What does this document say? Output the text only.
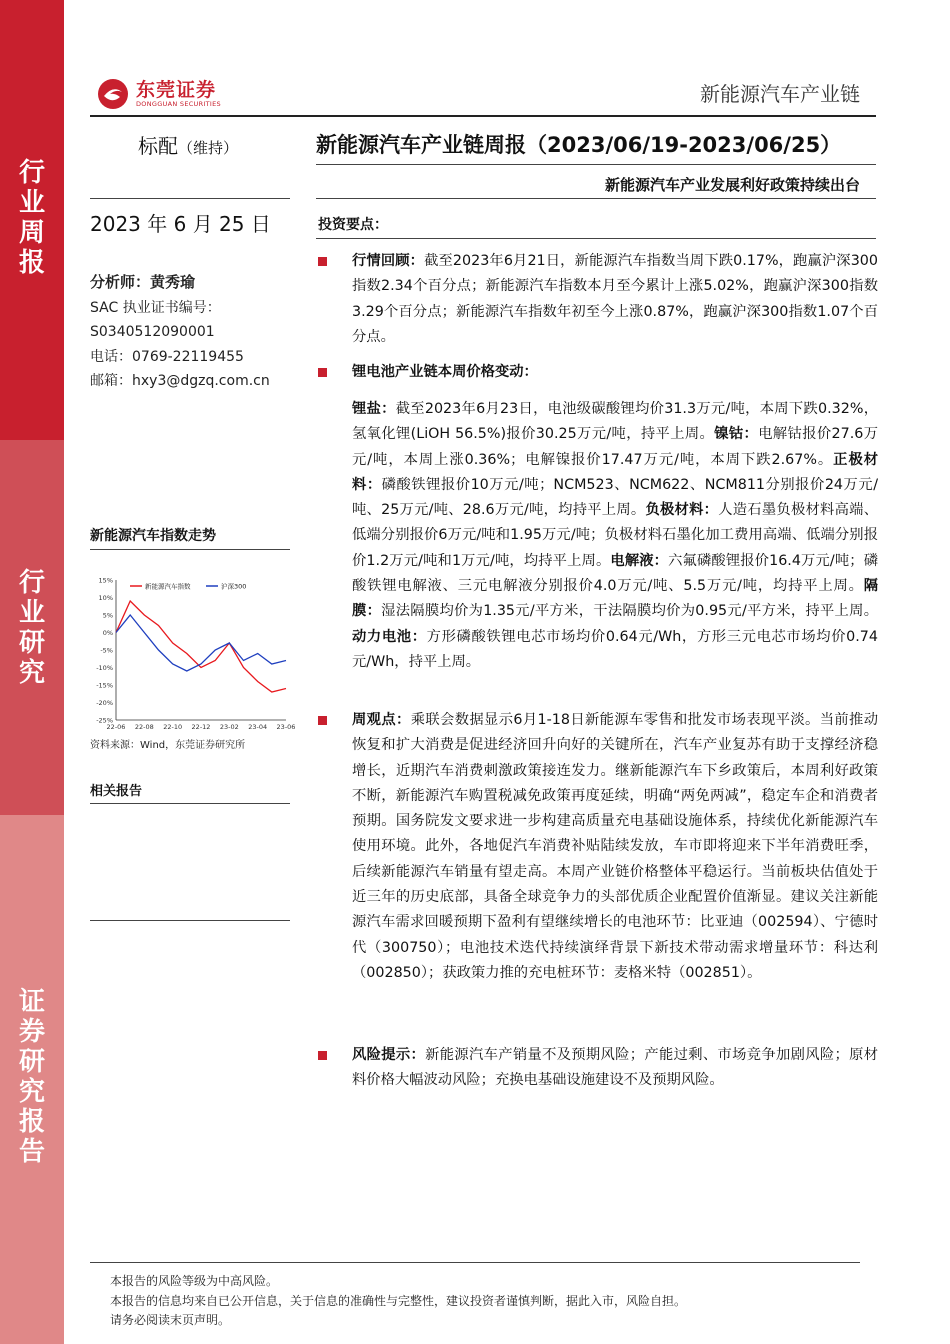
行
业
周
报
行
业
研
究
证
券
研
究
报
告
东莞证券
DONGGUAN SECURITIES	新能源汽车产业链
标配（维持）	新能源汽车产业链周报（2023/06/19-2023/06/25）
新能源汽车产业发展利好政策持续出台
2023 年 6 月 25 日
分析师：黄秀瑜
SAC 执业证书编号：
S0340512090001
电话：0769-22119455
邮箱：hxy3@dgzq.com.cn
新能源汽车指数走势
15%
10%
5%
0%
-5%
-10%
-15%
-20%
-25%
22-06 22-08 22-10 22-12 23-02 23-04 23-06
新能源汽车指数	沪深300
资料来源：Wind，东莞证券研究所
相关报告
投资要点：
行情回顾：截至2023年6月21日，新能源汽车指数当周下跌0.17%，跑赢沪深300指数2.34个百分点；新能源汽车指数本月至今累计上涨5.02%，跑赢沪深300指数3.29个百分点；新能源汽车指数年初至今上涨0.87%，跑赢沪深300指数1.07个百分点。
锂电池产业链本周价格变动：
锂盐：截至2023年6月23日，电池级碳酸锂均价31.3万元/吨，本周下跌0.32%，氢氧化锂(LiOH 56.5%)报价30.25万元/吨，持平上周。镍钴：电解钴报价27.6万元/吨，本周上涨0.36%；电解镍报价17.47万元/吨，本周下跌2.67%。正极材料：磷酸铁锂报价10万元/吨；NCM523、NCM622、NCM811分别报价24万元/吨、25万元/吨、28.6万元/吨，均持平上周。负极材料：人造石墨负极材料高端、低端分别报价6万元/吨和1.95万元/吨；负极材料石墨化加工费用高端、低端分别报价1.2万元/吨和1万元/吨，均持平上周。电解液：六氟磷酸锂报价16.4万元/吨；磷酸铁锂电解液、三元电解液分别报价4.0万元/吨、5.5万元/吨，均持平上周。隔膜：湿法隔膜均价为1.35元/平方米，干法隔膜均价为0.95元/平方米，持平上周。动力电池：方形磷酸铁锂电芯市场均价0.64元/Wh，方形三元电芯市场均价0.74元/Wh，持平上周。
周观点：乘联会数据显示6月1-18日新能源车零售和批发市场表现平淡。当前推动恢复和扩大消费是促进经济回升向好的关键所在，汽车产业复苏有助于支撑经济稳增长，近期汽车消费刺激政策接连发力。继新能源汽车下乡政策后，本周利好政策不断，新能源汽车购置税减免政策再度延续，明确“两免两减”，稳定车企和消费者预期。国务院发文要求进一步构建高质量充电基础设施体系，持续优化新能源汽车使用环境。此外，各地促汽车消费补贴陆续发放，车市即将迎来下半年消费旺季，后续新能源汽车销量有望走高。本周产业链价格整体平稳运行。当前板块估值处于近三年的历史底部，具备全球竞争力的头部优质企业配置价值渐显。建议关注新能源汽车需求回暖预期下盈利有望继续增长的电池环节：比亚迪（002594）、宁德时代（300750）；电池技术迭代持续演绎背景下新技术带动需求增量环节：科达利（002850）；获政策力推的充电桩环节：麦格米特（002851）。
风险提示：新能源汽车产销量不及预期风险；产能过剩、市场竞争加剧风险；原材料价格大幅波动风险；充换电基础设施建设不及预期风险。
本报告的风险等级为中高风险。
本报告的信息均来自已公开信息，关于信息的准确性与完整性，建议投资者谨慎判断，据此入市，风险自担。
请务必阅读末页声明。
